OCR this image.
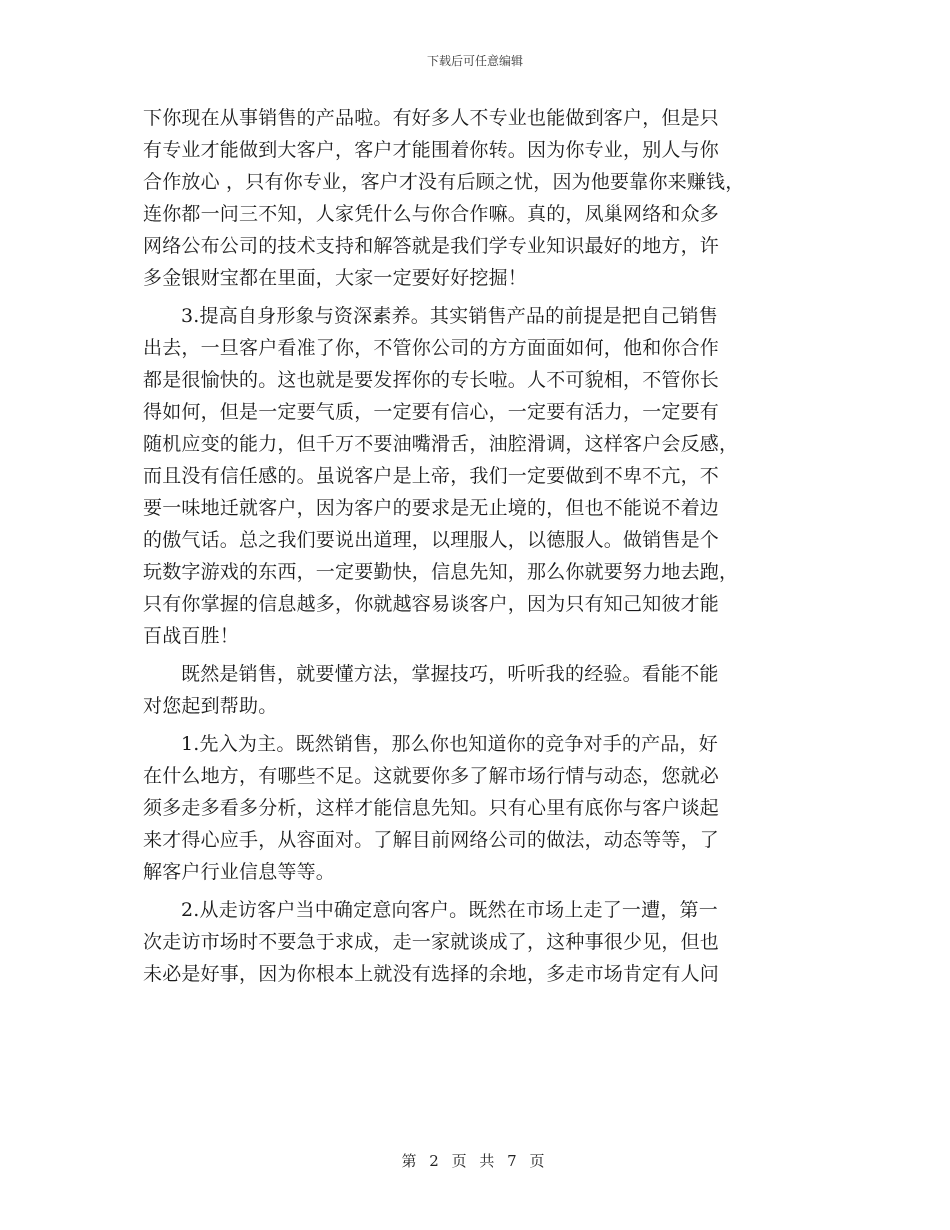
下载后可任意编辑
下你现在从事销售的产品啦。有好多人不专业也能做到客户，但是只
有专业才能做到大客户，客户才能围着你转。因为你专业，别人与你
合作放心 ，只有你专业，客户才没有后顾之忧，因为他要靠你来赚钱，
连你都一问三不知，人家凭什么与你合作嘛。真的，凤巢网络和众多
网络公布公司的技术支持和解答就是我们学专业知识最好的地方，许
多金银财宝都在里面，大家一定要好好挖掘！
3.提高自身形象与资深素养。其实销售产品的前提是把自己销售
出去，一旦客户看准了你，不管你公司的方方面面如何，他和你合作
都是很愉快的。这也就是要发挥你的专长啦。人不可貌相，不管你长
得如何，但是一定要气质，一定要有信心，一定要有活力，一定要有
随机应变的能力，但千万不要油嘴滑舌，油腔滑调，这样客户会反感，
而且没有信任感的。虽说客户是上帝，我们一定要做到不卑不亢，不
要一味地迁就客户，因为客户的要求是无止境的，但也不能说不着边
的傲气话。总之我们要说出道理，以理服人，以德服人。做销售是个
玩数字游戏的东西，一定要勤快，信息先知，那么你就要努力地去跑，
只有你掌握的信息越多，你就越容易谈客户，因为只有知己知彼才能
百战百胜！
既然是销售，就要懂方法，掌握技巧，听听我的经验。看能不能
对您起到帮助。
1.先入为主。既然销售，那么你也知道你的竞争对手的产品，好
在什么地方，有哪些不足。这就要你多了解市场行情与动态，您就必
须多走多看多分析，这样才能信息先知。只有心里有底你与客户谈起
来才得心应手，从容面对。了解目前网络公司的做法，动态等等，了
解客户行业信息等等。
2.从走访客户当中确定意向客户。既然在市场上走了一遭，第一
次走访市场时不要急于求成，走一家就谈成了，这种事很少见，但也
未必是好事，因为你根本上就没有选择的余地，多走市场肯定有人问
第 2 页 共 7 页
